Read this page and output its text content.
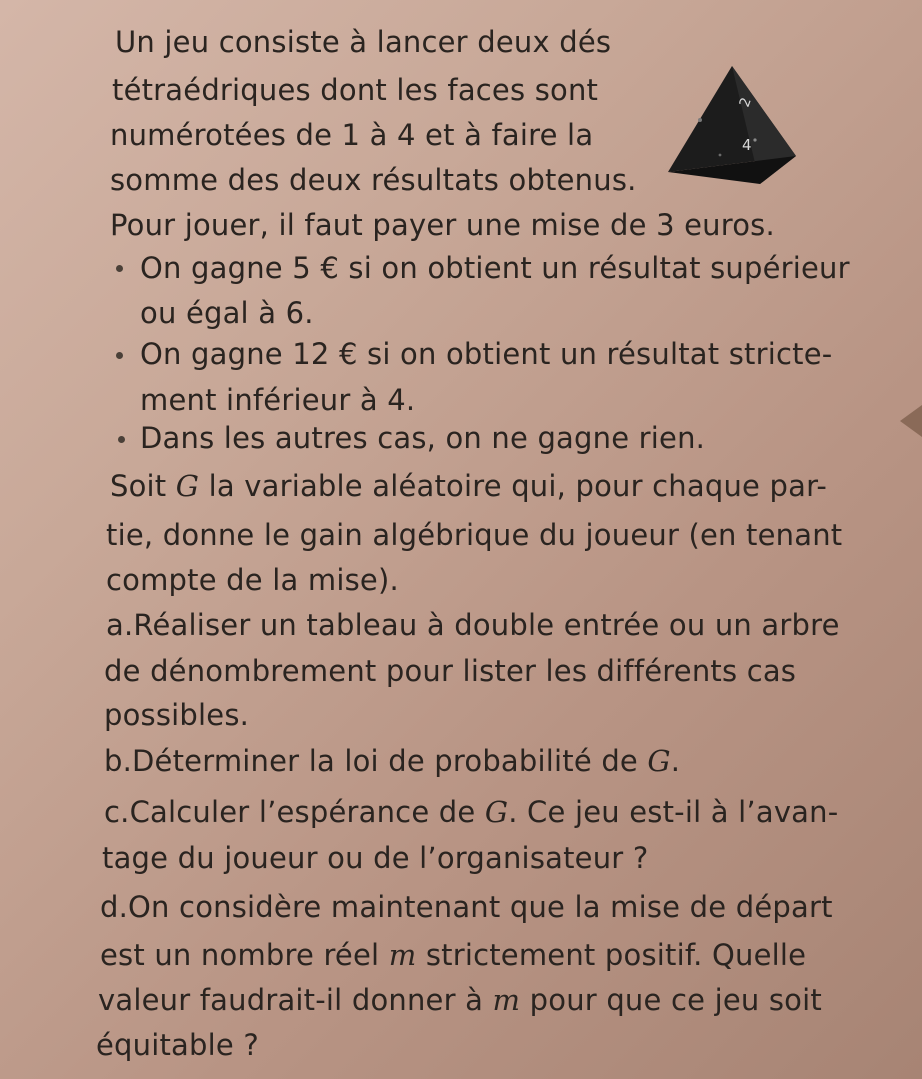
Un jeu consiste à lancer deux dés

tétraédriques dont les faces sont

numérotées de 1 à 4 et à faire la

somme des deux résultats obtenus.

4
2

Pour jouer, il faut payer une mise de 3 euros.

On gagne 5 € si on obtient un résultat supérieur

ou égal à 6.

On gagne 12 € si on obtient un résultat stricte-

ment inférieur à 4.

Dans les autres cas, on ne gagne rien.

Soit G la variable aléatoire qui, pour chaque par-

tie, donne le gain algébrique du joueur (en tenant

compte de la mise).

a.Réaliser un tableau à double entrée ou un arbre

de dénombrement pour lister les différents cas

possibles.

b.Déterminer la loi de probabilité de G.

c.Calculer l’espérance de G. Ce jeu est-il à l’avan-

tage du joueur ou de l’organisateur ?

d.On considère maintenant que la mise de départ

est un nombre réel m strictement positif. Quelle

valeur faudrait-il donner à m pour que ce jeu soit

équitable ?
